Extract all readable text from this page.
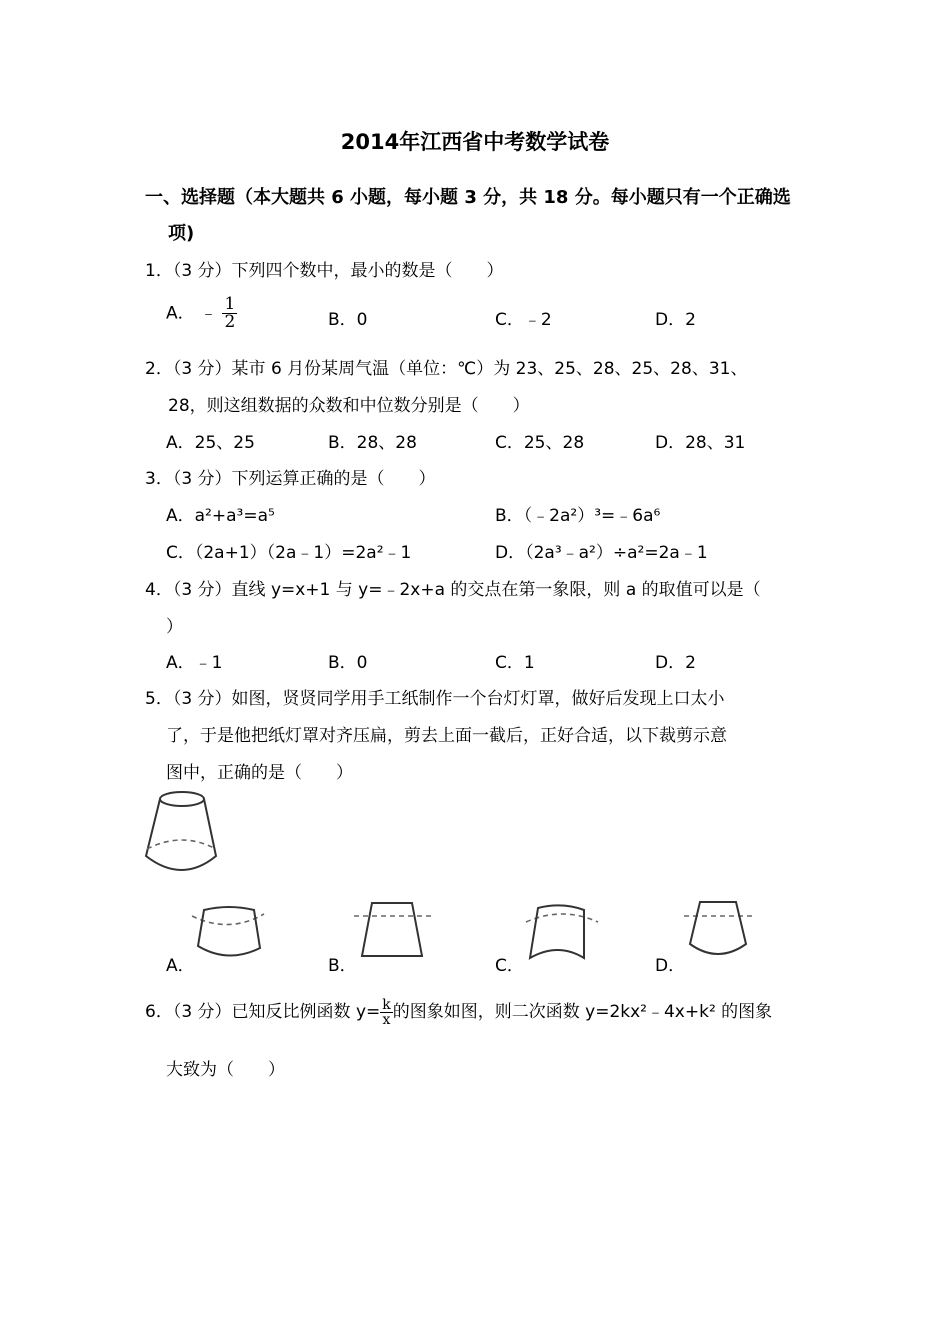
2014年江西省中考数学试卷
一、选择题（本大题共 6 小题，每小题 3 分，共 18 分。每小题只有一个正确选
项)
1．（3 分）下列四个数中，最小的数是（　　）
A． ﹣ $\frac{1}{2}$	B．0	C．﹣2	D．2
2．（3 分）某市 6 月份某周气温（单位：℃）为 23、25、28、25、28、31、
28，则这组数据的众数和中位数分别是（　　）
A．25、25	B．28、28	C．25、28	D．28、31
3．（3 分）下列运算正确的是（　　）
A．a²+a³=a⁵	B．（﹣2a²）³=﹣6a⁶
C．（2a+1）（2a﹣1）=2a²﹣1	D．（2a³﹣a²）÷a²=2a﹣1
4．（3 分）直线 y=x+1 与 y=﹣2x+a 的交点在第一象限，则 a 的取值可以是（
）
A．﹣1	B．0	C．1	D．2
5．（3 分）如图，贤贤同学用手工纸制作一个台灯灯罩，做好后发现上口太小
了，于是他把纸灯罩对齐压扁，剪去上面一截后，正好合适，以下裁剪示意
图中，正确的是（　　）
A．	B．	C．	D．
6．（3 分）已知反比例函数 $y= \frac{k}{x}$ 的图象如图，则二次函数 y=2kx²﹣4x+k² 的图象
大致为（　　）
